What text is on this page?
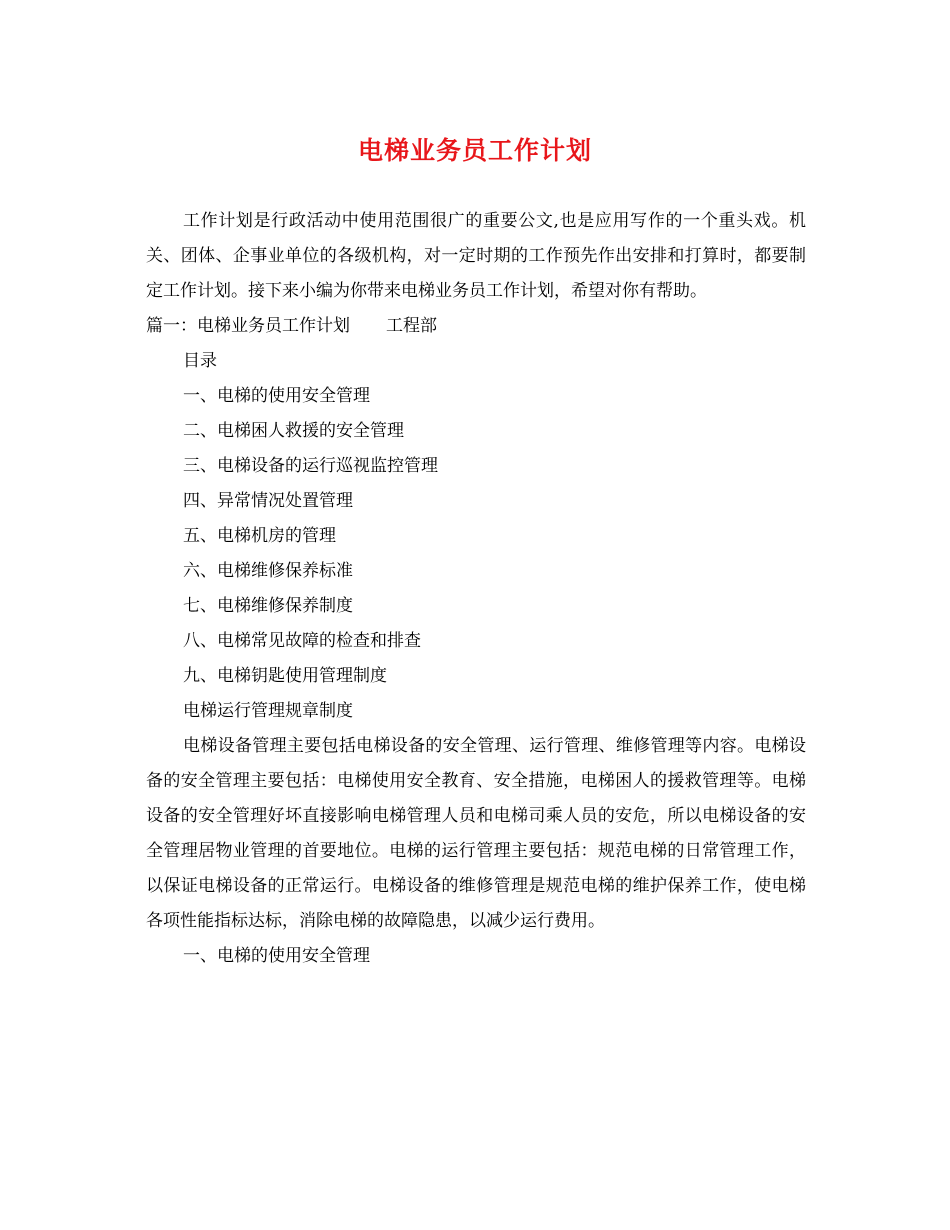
电梯业务员工作计划

工作计划是行政活动中使用范围很广的重要公文,也是应用写作的一个重头戏。机关、团体、企事业单位的各级机构，对一定时期的工作预先作出安排和打算时，都要制定工作计划。接下来小编为你带来电梯业务员工作计划，希望对你有帮助。

篇一：电梯业务员工作计划 工程部

目录

一、电梯的使用安全管理

二、电梯困人救援的安全管理

三、电梯设备的运行巡视监控管理

四、异常情况处置管理

五、电梯机房的管理

六、电梯维修保养标准

七、电梯维修保养制度

八、电梯常见故障的检查和排查

九、电梯钥匙使用管理制度

电梯运行管理规章制度

电梯设备管理主要包括电梯设备的安全管理、运行管理、维修管理等内容。电梯设备的安全管理主要包括：电梯使用安全教育、安全措施，电梯困人的援救管理等。电梯设备的安全管理好坏直接影响电梯管理人员和电梯司乘人员的安危，所以电梯设备的安全管理居物业管理的首要地位。电梯的运行管理主要包括：规范电梯的日常管理工作，以保证电梯设备的正常运行。电梯设备的维修管理是规范电梯的维护保养工作，使电梯各项性能指标达标，消除电梯的故障隐患，以减少运行费用。

一、电梯的使用安全管理
